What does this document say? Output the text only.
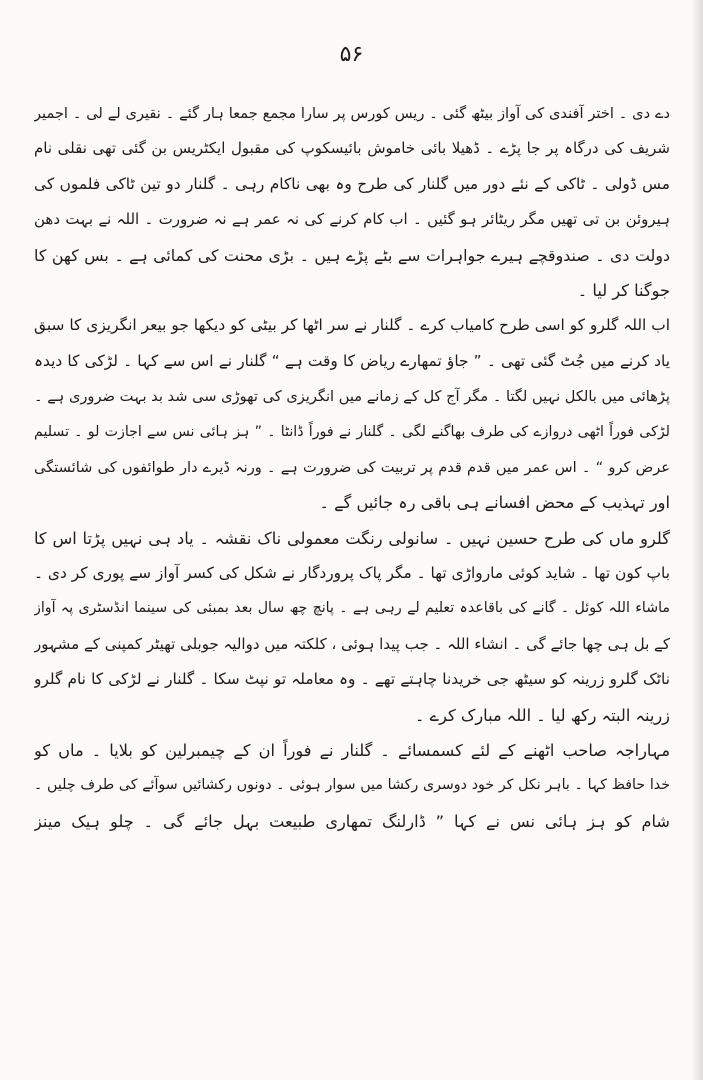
۵۶
دے دی ۔ اختر آفندی کی آواز بیٹھ گئی ۔ ریس کورس پر سارا مجمع جمعا ہار گئے ۔ نقیری لے لی ۔ اجمیر
شریف کی درگاہ پر جا پڑے ۔ ڈھیلا بائی خاموش بائیسکوپ کی مقبول ایکٹریس بن گئی تھی نقلی نام
مس ڈولی ۔ ٹاکی کے نئے دور میں گلنار کی طرح وہ بھی ناکام رہی ۔ گلنار دو تین ٹاکی فلموں کی
ہیروئن بن تی تھیں مگر ریٹائر ہو گئیں ۔ اب کام کرنے کی نہ عمر ہے نہ ضرورت ۔ اللہ نے بہت دھن
دولت دی ۔ صندوقچے ہیرے جواہرات سے بٹے پڑے ہیں ۔ بڑی محنت کی کمائی ہے ۔ بس کھن کا
جوگنا کر لیا ۔
اب اللہ گلرو کو اسی طرح کامیاب کرے ۔ گلنار نے سر اٹھا کر بیٹی کو دیکھا جو بیعر انگریزی کا سبق
یاد کرنے میں جُٹ گئی تھی ۔ ” جاؤ تمھارے ریاض کا وقت ہے “ گلنار نے اس سے کہا ۔ لڑکی کا دیدہ
پڑھائی میں بالکل نہیں لگتا ۔ مگر آج کل کے زمانے میں انگریزی کی تھوڑی سی شد بد بہت ضروری ہے ۔
لڑکی فوراً اٹھی دروازے کی طرف بھاگنے لگی ۔ گلنار نے فوراً ڈانٹا ۔ ” ہز ہائی نس سے اجازت لو ۔ تسلیم
عرض کرو “ ۔ اس عمر میں قدم قدم پر تربیت کی ضرورت ہے ۔ ورنہ ڈیرے دار طوائفوں کی شائستگی
اور تہذیب کے محض افسانے ہی باقی رہ جائیں گے ۔
گلرو ماں کی طرح حسین نہیں ۔ سانولی رنگت معمولی ناک نقشہ ۔ یاد ہی نہیں پڑتا اس کا
باپ کون تھا ۔ شاید کوئی مارواڑی تھا ۔ مگر پاک پروردگار نے شکل کی کسر آواز سے پوری کر دی ۔
ماشاء اللہ کوئل ۔ گانے کی باقاعدہ تعلیم لے رہی ہے ۔ پانچ چھ سال بعد بمبئی کی سینما انڈسٹری پہ آواز
کے بل ہی چھا جائے گی ۔ انشاء اللہ ۔ جب پیدا ہوئی ، کلکتہ میں دوالیہ جوبلی تھیٹر کمپنی کے مشہور
ناٹک گلرو زرینہ کو سیٹھ جی خریدنا چاہتے تھے ۔ وہ معاملہ تو نپٹ سکا ۔ گلنار نے لڑکی کا نام گلرو
زرینہ البتہ رکھ لیا ۔ اللہ مبارک کرے ۔
مہاراجہ صاحب اٹھنے کے لئے کسمسائے ۔ گلنار نے فوراً ان کے چیمبرلین کو بلایا ۔ ماں کو
خدا حافظ کہا ۔ باہر نکل کر خود دوسری رکشا میں سوار ہوئی ۔ دونوں رکشائیں سوآئے کی طرف چلیں ۔
شام کو ہز ہائی نس نے کہا ” ڈارلنگ تمھاری طبیعت بہل جائے گی ۔ چلو ہیک مینز
